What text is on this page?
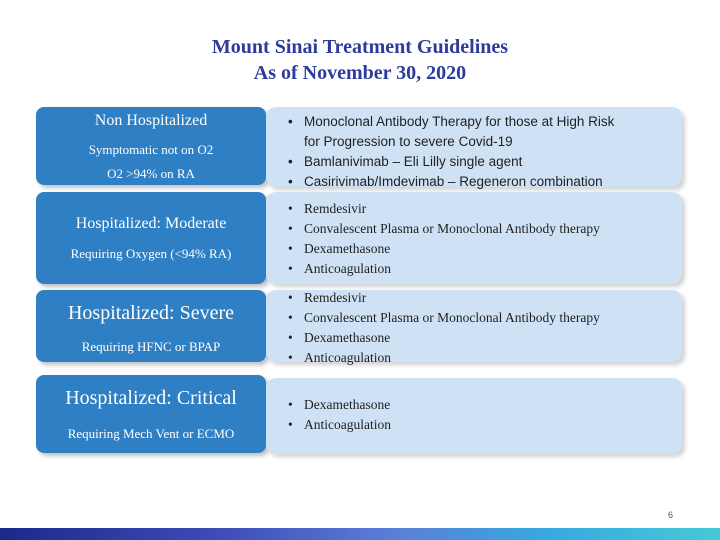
Mount Sinai Treatment Guidelines
As of November 30, 2020
Non Hospitalized
Symptomatic not on O2
O2 >94% on RA
• Monoclonal Antibody Therapy for those at High Risk
for Progression to severe Covid-19
• Bamlanivimab – Eli Lilly single agent
• Casirivimab/Imdevimab – Regeneron combination
Hospitalized: Moderate
Requiring Oxygen (<94% RA)
• Remdesivir
• Convalescent Plasma or Monoclonal Antibody therapy
• Dexamethasone
• Anticoagulation
Hospitalized: Severe
Requiring HFNC or BPAP
• Remdesivir
• Convalescent Plasma or Monoclonal Antibody therapy
• Dexamethasone
• Anticoagulation
Hospitalized: Critical
Requiring Mech Vent or ECMO
• Dexamethasone
• Anticoagulation
6
